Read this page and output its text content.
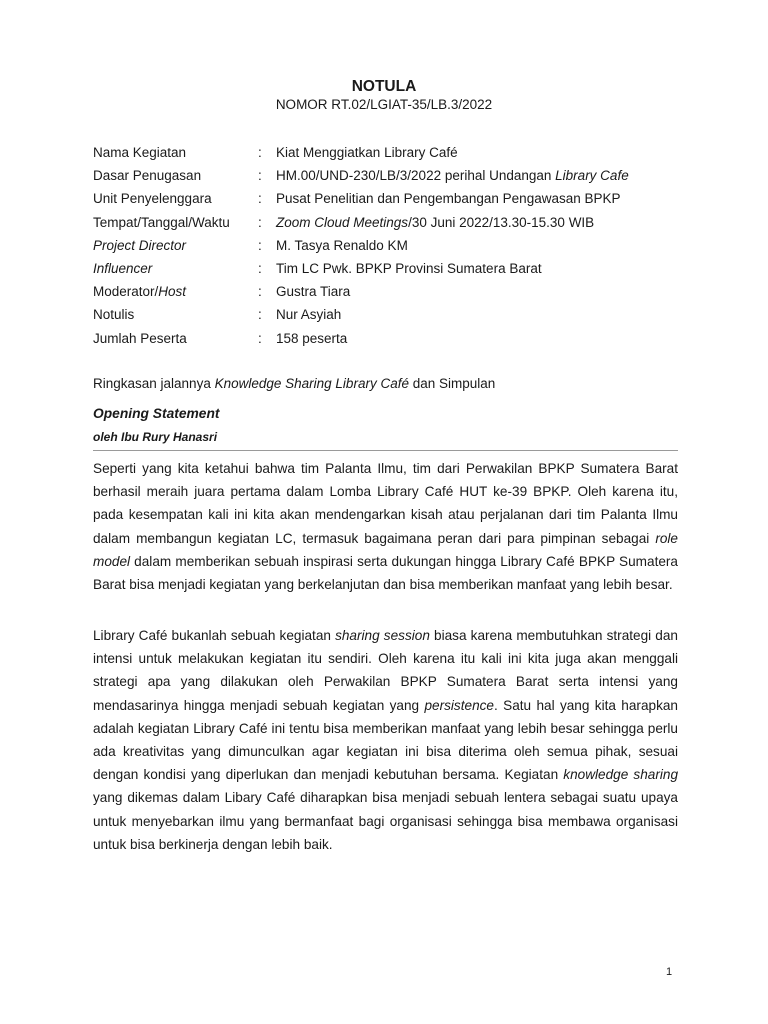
NOTULA
NOMOR RT.02/LGIAT-35/LB.3/2022
Nama Kegiatan	:	Kiat Menggiatkan Library Café
Dasar Penugasan	:	HM.00/UND-230/LB/3/2022 perihal Undangan Library Cafe
Unit Penyelenggara	:	Pusat Penelitian dan Pengembangan Pengawasan BPKP
Tempat/Tanggal/Waktu	:	Zoom Cloud Meetings/30 Juni 2022/13.30-15.30 WIB
Project Director	:	M. Tasya Renaldo KM
Influencer	:	Tim LC Pwk. BPKP Provinsi Sumatera Barat
Moderator/Host	:	Gustra Tiara
Notulis	:	Nur Asyiah
Jumlah Peserta	:	158 peserta
Ringkasan jalannya Knowledge Sharing Library Café dan Simpulan
Opening Statement
oleh Ibu Rury Hanasri

Seperti yang kita ketahui bahwa tim Palanta Ilmu, tim dari Perwakilan BPKP Sumatera Barat berhasil meraih juara pertama dalam Lomba Library Café HUT ke-39 BPKP. Oleh karena itu, pada kesempatan kali ini kita akan mendengarkan kisah atau perjalanan dari tim Palanta Ilmu dalam membangun kegiatan LC, termasuk bagaimana peran dari para pimpinan sebagai role model dalam memberikan sebuah inspirasi serta dukungan hingga Library Café BPKP Sumatera Barat bisa menjadi kegiatan yang berkelanjutan dan bisa memberikan manfaat yang lebih besar.

Library Café bukanlah sebuah kegiatan sharing session biasa karena membutuhkan strategi dan intensi untuk melakukan kegiatan itu sendiri. Oleh karena itu kali ini kita juga akan menggali strategi apa yang dilakukan oleh Perwakilan BPKP Sumatera Barat serta intensi yang mendasarinya hingga menjadi sebuah kegiatan yang persistence. Satu hal yang kita harapkan adalah kegiatan Library Café ini tentu bisa memberikan manfaat yang lebih besar sehingga perlu ada kreativitas yang dimunculkan agar kegiatan ini bisa diterima oleh semua pihak, sesuai dengan kondisi yang diperlukan dan menjadi kebutuhan bersama. Kegiatan knowledge sharing yang dikemas dalam Libary Café diharapkan bisa menjadi sebuah lentera sebagai suatu upaya untuk menyebarkan ilmu yang bermanfaat bagi organisasi sehingga bisa membawa organisasi untuk bisa berkinerja dengan lebih baik.

1
